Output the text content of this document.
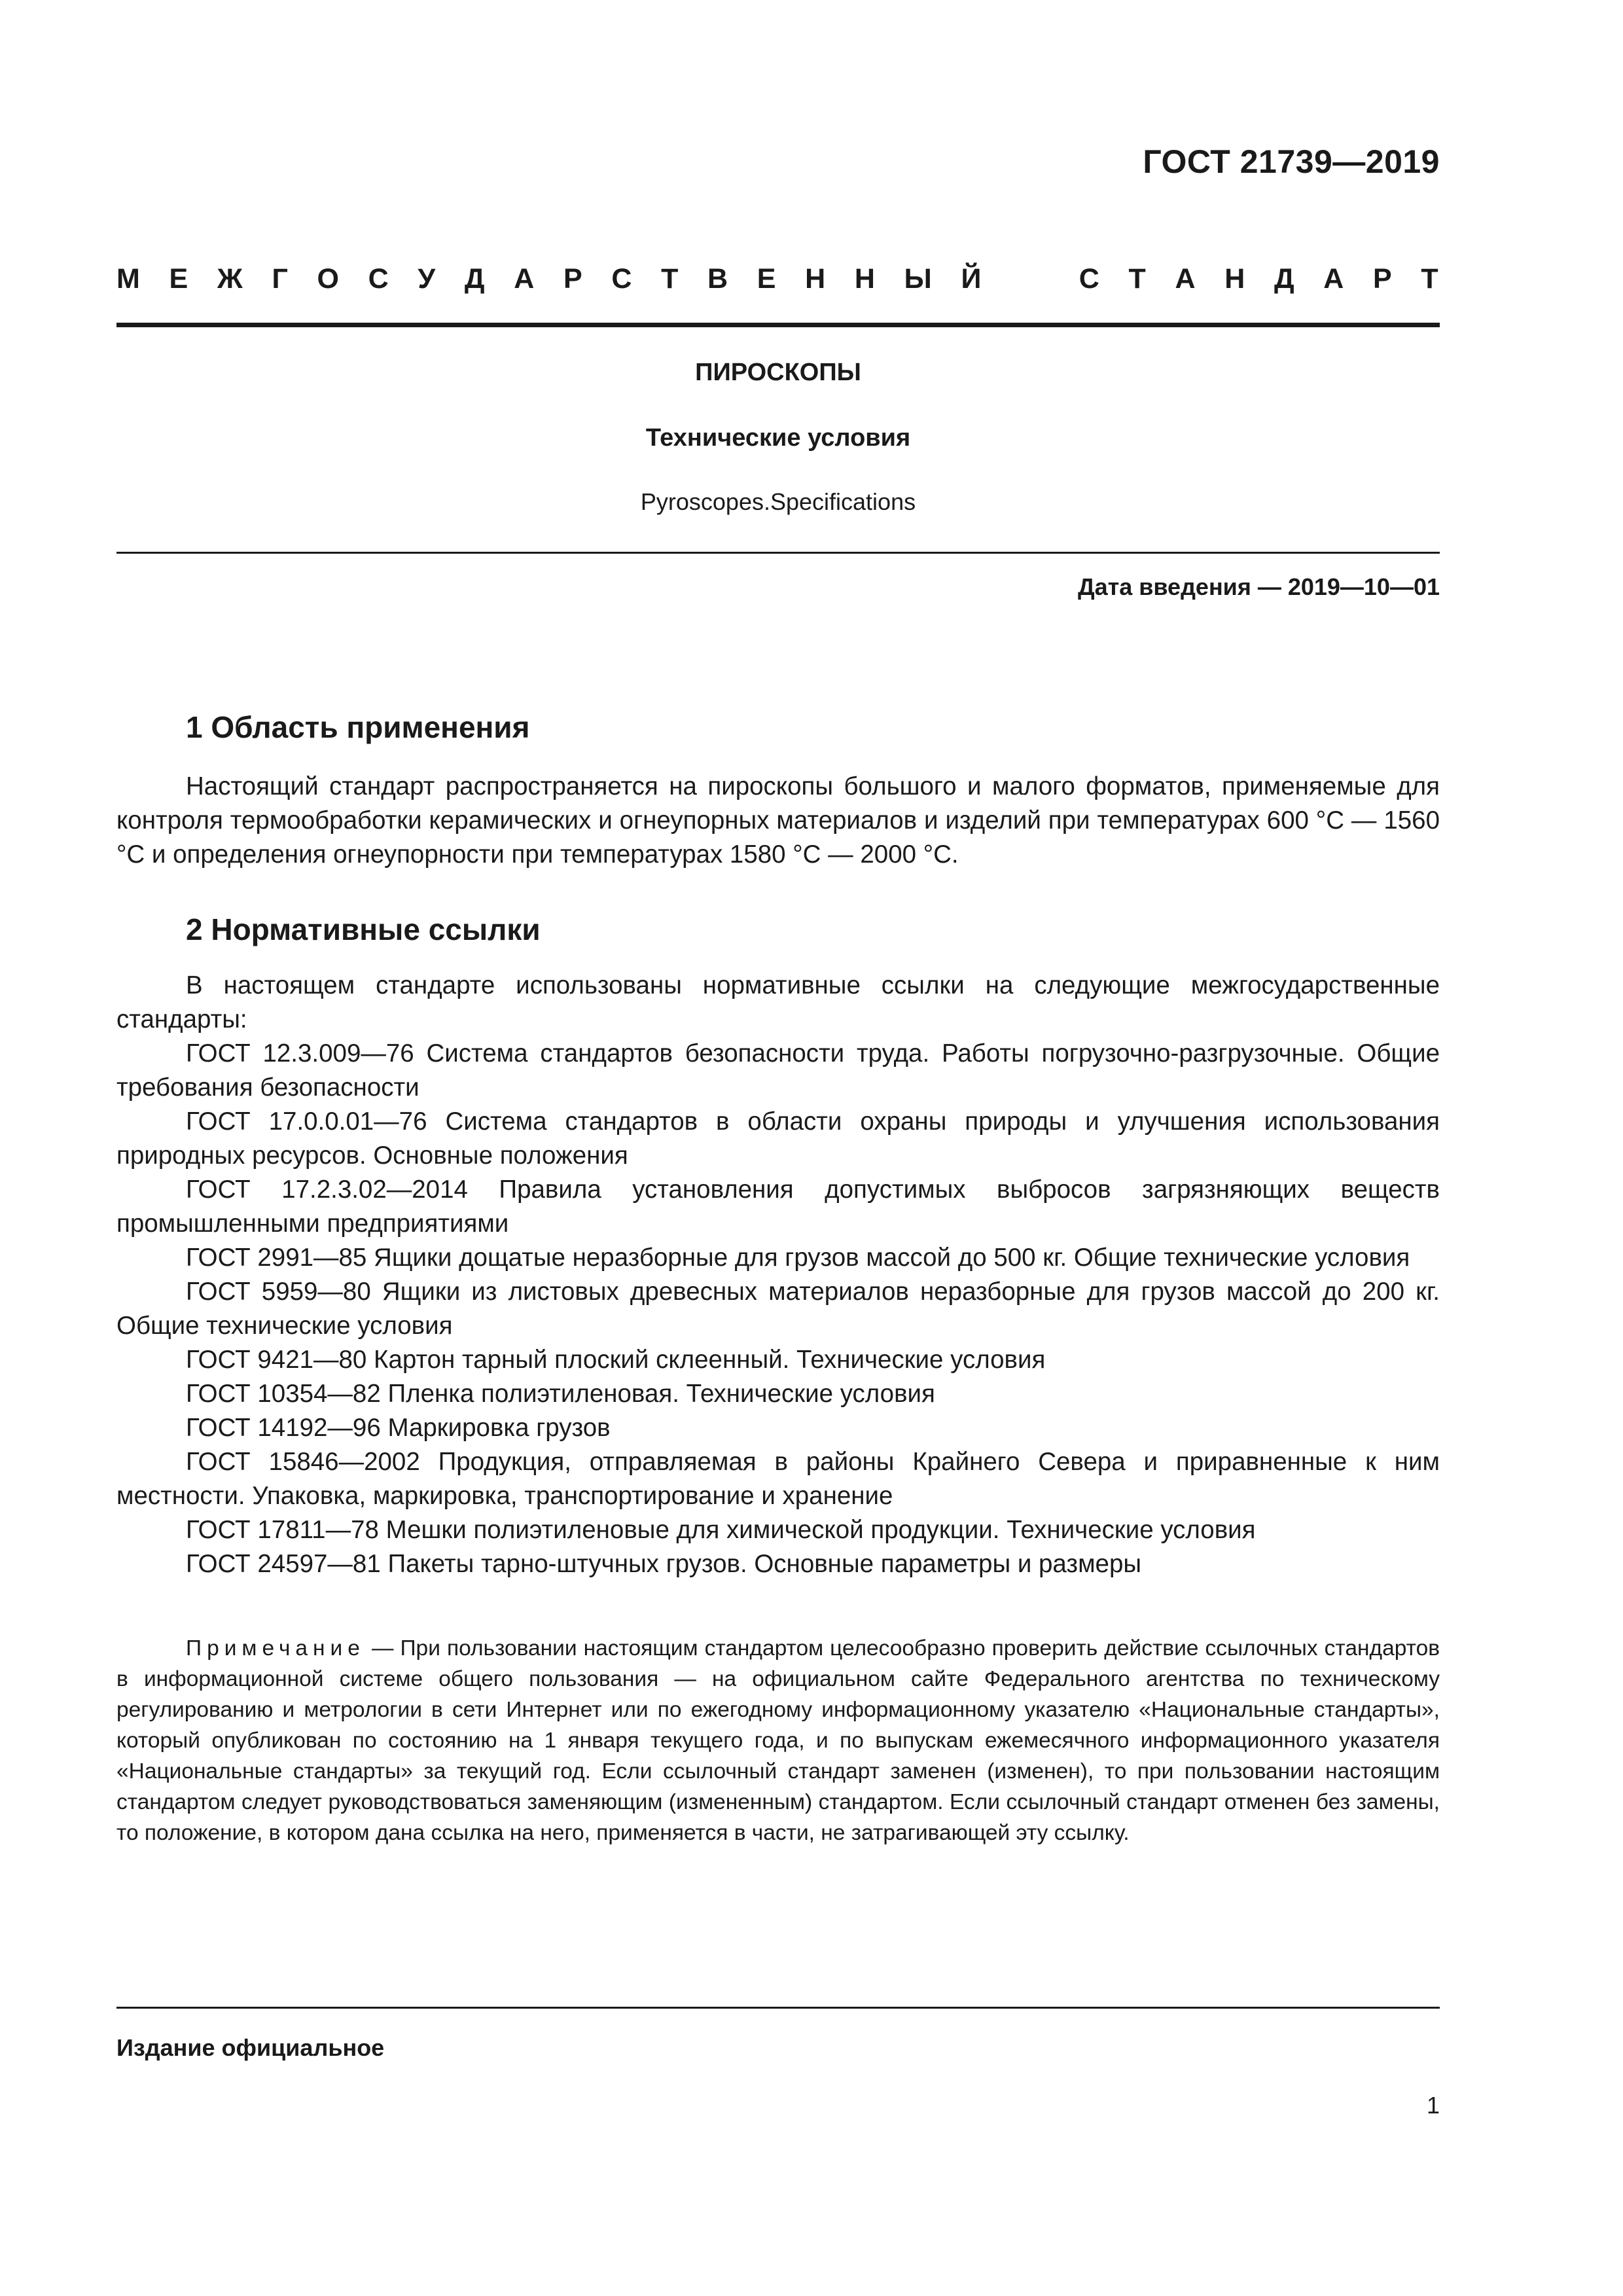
ГОСТ 21739—2019
М Е Ж Г О С У Д А Р С Т В Е Н Н Ы Й	С Т А Н Д А Р Т
ПИРОСКОПЫ
Технические условия
Pyroscopes.Specifications
Дата введения — 2019—10—01
1 Область применения

Настоящий стандарт распространяется на пироскопы большого и малого форматов, применяемые для контроля термообработки керамических и огнеупорных материалов и изделий при температурах 600 °С — 1560 °С и определения огнеупорности при температурах 1580 °С — 2000 °С.

2 Нормативные ссылки

В настоящем стандарте использованы нормативные ссылки на следующие межгосударственные стандарты:

ГОСТ 12.3.009—76 Система стандартов безопасности труда. Работы погрузочно-разгрузочные. Общие требования безопасности

ГОСТ 17.0.0.01—76 Система стандартов в области охраны природы и улучшения использования природных ресурсов. Основные положения

ГОСТ 17.2.3.02—2014 Правила установления допустимых выбросов загрязняющих веществ промышленными предприятиями

ГОСТ 2991—85 Ящики дощатые неразборные для грузов массой до 500 кг. Общие технические условия

ГОСТ 5959—80 Ящики из листовых древесных материалов неразборные для грузов массой до 200 кг. Общие технические условия

ГОСТ 9421—80 Картон тарный плоский склеенный. Технические условия

ГОСТ 10354—82 Пленка полиэтиленовая. Технические условия

ГОСТ 14192—96 Маркировка грузов

ГОСТ 15846—2002 Продукция, отправляемая в районы Крайнего Севера и приравненные к ним местности. Упаковка, маркировка, транспортирование и хранение

ГОСТ 17811—78 Мешки полиэтиленовые для химической продукции. Технические условия

ГОСТ 24597—81 Пакеты тарно-штучных грузов. Основные параметры и размеры

Примечание — При пользовании настоящим стандартом целесообразно проверить действие ссылочных стандартов в информационной системе общего пользования — на официальном сайте Федерального агентства по техническому регулированию и метрологии в сети Интернет или по ежегодному информационному указателю «Национальные стандарты», который опубликован по состоянию на 1 января текущего года, и по выпускам ежемесячного информационного указателя «Национальные стандарты» за текущий год. Если ссылочный стандарт заменен (изменен), то при пользовании настоящим стандартом следует руководствоваться заменяющим (измененным) стандартом. Если ссылочный стандарт отменен без замены, то положение, в котором дана ссылка на него, применяется в части, не затрагивающей эту ссылку.
Издание официальное
1
